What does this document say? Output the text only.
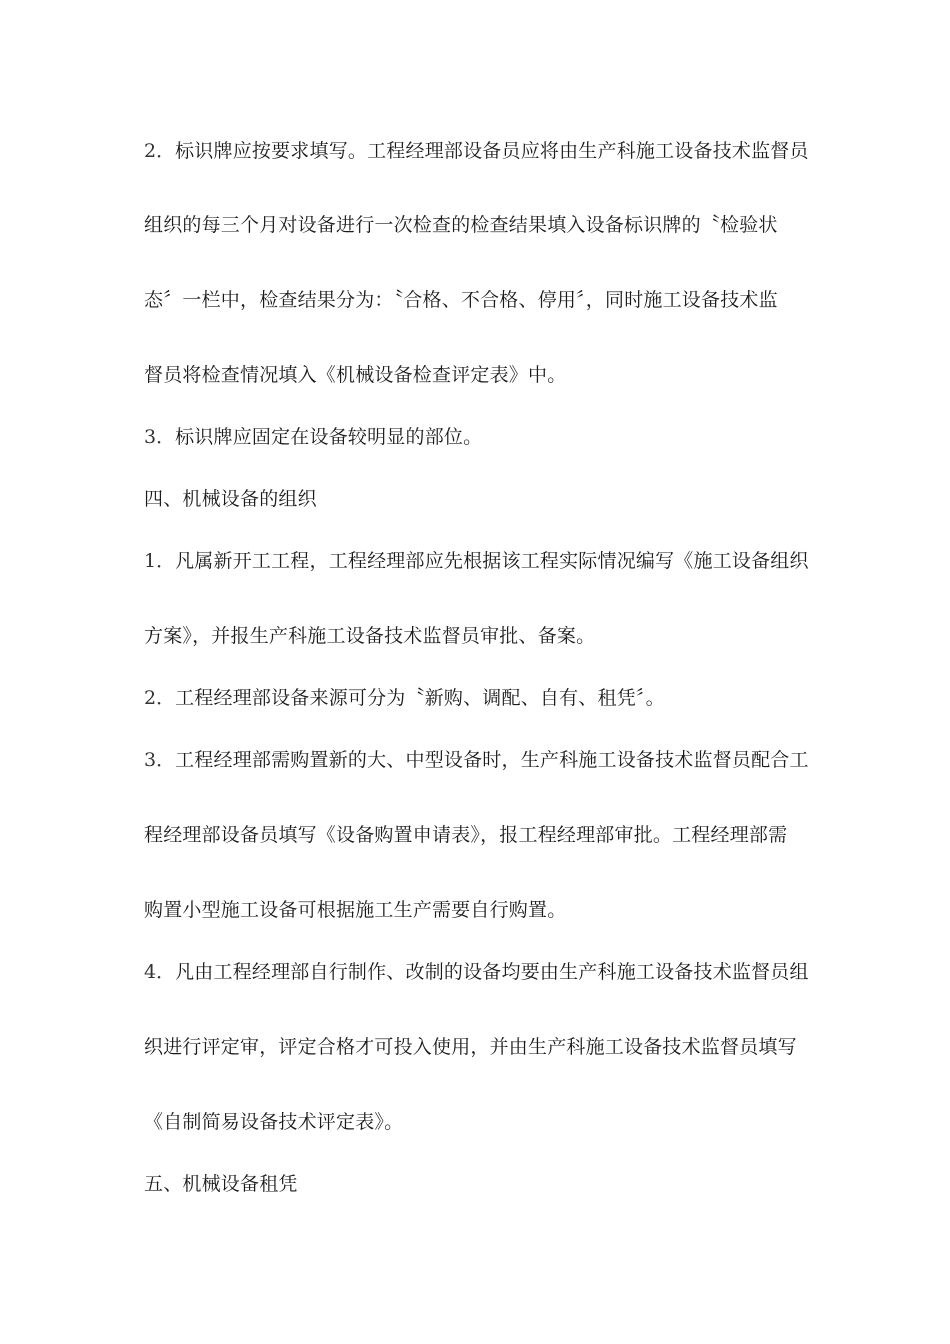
2．标识牌应按要求填写。工程经理部设备员应将由生产科施工设备技术监督员
组织的每三个月对设备进行一次检查的检查结果填入设备标识牌的〝检验状
态〞一栏中，检查结果分为：〝合格、不合格、停用〞，同时施工设备技术监
督员将检查情况填入《机械设备检查评定表》中。
3．标识牌应固定在设备较明显的部位。
四、机械设备的组织
1．凡属新开工工程，工程经理部应先根据该工程实际情况编写《施工设备组织
方案》，并报生产科施工设备技术监督员审批、备案。
2．工程经理部设备来源可分为〝新购、调配、自有、租凭〞。
3．工程经理部需购置新的大、中型设备时，生产科施工设备技术监督员配合工
程经理部设备员填写《设备购置申请表》，报工程经理部审批。工程经理部需
购置小型施工设备可根据施工生产需要自行购置。
4．凡由工程经理部自行制作、改制的设备均要由生产科施工设备技术监督员组
织进行评定审，评定合格才可投入使用，并由生产科施工设备技术监督员填写
《自制简易设备技术评定表》。
五、机械设备租凭
